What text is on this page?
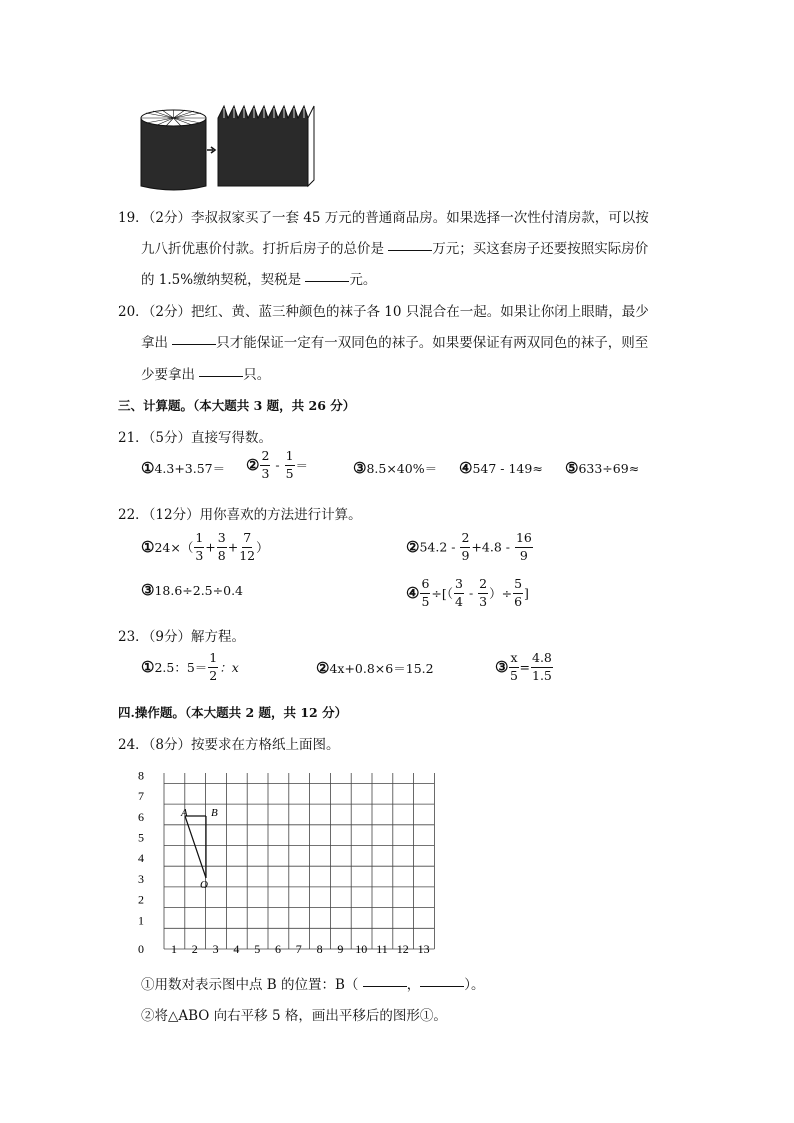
19．（2分）李叔叔家买了一套 45 万元的普通商品房。如果选择一次性付清房款，可以按
九八折优惠价付款。打折后房子的总价是	万元；买这套房子还要按照实际房价
的 1.5%缴纳契税，契税是	元。
20．（2分）把红、黄、蓝三种颜色的袜子各 10 只混合在一起。如果让你闭上眼睛，最少
拿出	只才能保证一定有一双同色的袜子。如果要保证有两双同色的袜子，则至
少要拿出	只。
三、计算题。（本大题共 3 题，共 26 分）
21．（5分）直接写得数。
①4.3+3.57＝ ② $\frac{2}{3} - \frac{1}{5}$ ＝	③8.5×40%＝ ④547 - 149≈ ⑤633÷69≈
22．（12分）用你喜欢的方法进行计算。
①24×（ $\frac{1}{3} + \frac{3}{8} + \frac{7}{12}$ ）	②54.2 - $\frac{2}{9} +4.8 - \frac{16}{9}$
③18.6÷2.5÷0.4	④ $\frac{6}{5}$ ÷[（ $\frac{3}{4} - \frac{2}{3}$ ）÷ $\frac{5}{6}$ ]
23．（9分）解方程。
①2.5：$5= \frac{1}{2}$ ：x	②4x+0.8×6＝15.2	③ $\frac{x}{5} = \frac{4.8}{1.5}$
四.操作题。（本大题共 2 题，共 12 分）
24．（8分）按要求在方格纸上面图。
8
7
6
5
4
3
2
1
0 1 2 3 4 5 6 7 8 9 10 11 12 13
A B
O
①用数对表示图中点 B 的位置：B（	，	）。
②将△ABO 向右平移 5 格，画出平移后的图形①。
